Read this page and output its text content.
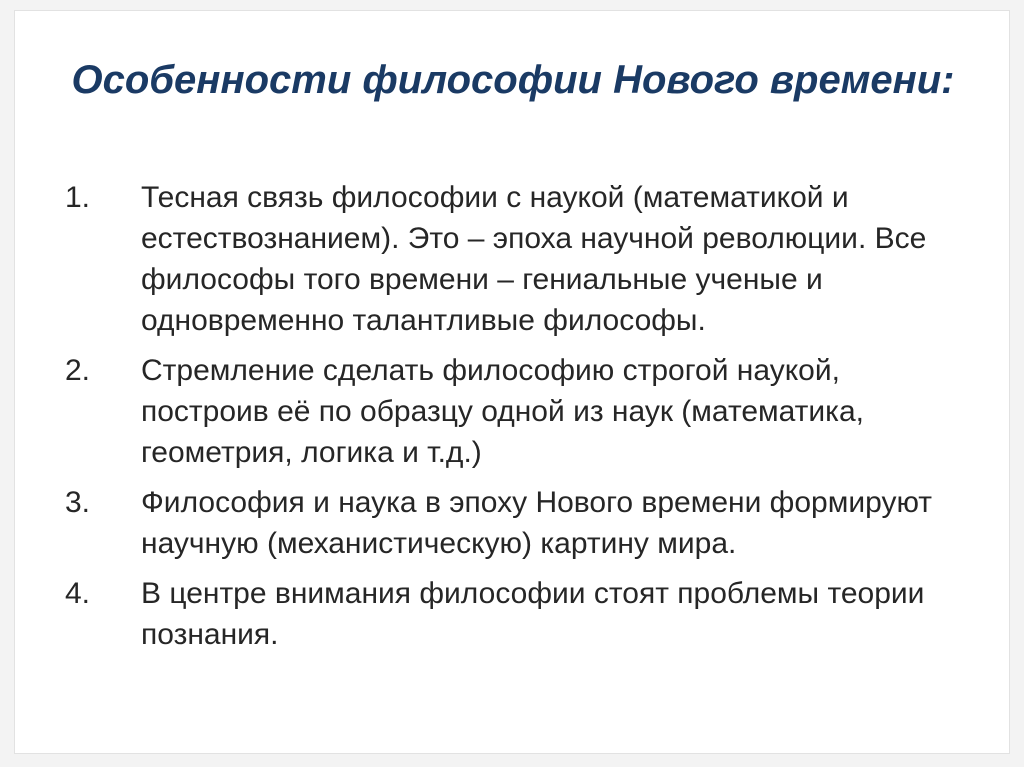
Особенности философии Нового времени:
1.	Тесная связь философии с наукой (математикой и естествознанием). Это – эпоха научной революции. Все философы того времени – гениальные ученые и одновременно талантливые философы.
2.	Стремление сделать философию строгой наукой, построив её по образцу одной из наук (математика, геометрия, логика и т.д.)
3.	Философия и наука в эпоху Нового времени формируют научную (механистическую) картину мира.
4.	В центре внимания философии стоят проблемы теории познания.
